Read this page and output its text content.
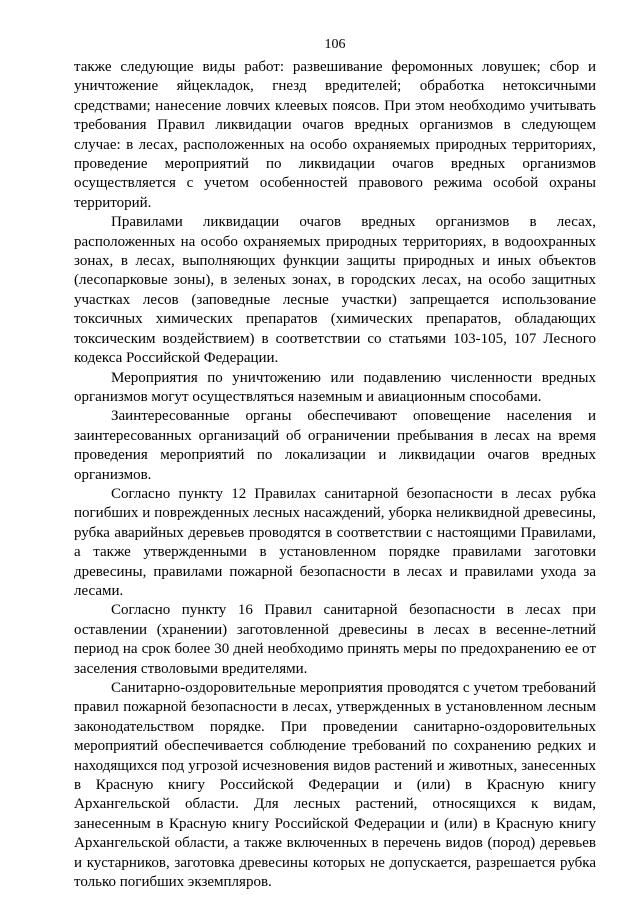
106

также следующие виды работ: развешивание феромонных ловушек; сбор и уничтожение яйцекладок, гнезд вредителей; обработка нетоксичными средствами; нанесение ловчих клеевых поясов. При этом необходимо учитывать требования Правил ликвидации очагов вредных организмов в следующем случае: в лесах, расположенных на особо охраняемых природных территориях, проведение мероприятий по ликвидации очагов вредных организмов осуществляется с учетом особенностей правового режима особой охраны территорий.

Правилами ликвидации очагов вредных организмов в лесах, расположенных на особо охраняемых природных территориях, в водоохранных зонах, в лесах, выполняющих функции защиты природных и иных объектов (лесопарковые зоны), в зеленых зонах, в городских лесах, на особо защитных участках лесов (заповедные лесные участки) запрещается использование токсичных химических препаратов (химических препаратов, обладающих токсическим воздействием) в соответствии со статьями 103-105, 107 Лесного кодекса Российской Федерации.

Мероприятия по уничтожению или подавлению численности вредных организмов могут осуществляться наземным и авиационным способами.

Заинтересованные органы обеспечивают оповещение населения и заинтересованных организаций об ограничении пребывания в лесах на время проведения мероприятий по локализации и ликвидации очагов вредных организмов.

Согласно пункту 12 Правилах санитарной безопасности в лесах рубка погибших и поврежденных лесных насаждений, уборка неликвидной древесины, рубка аварийных деревьев проводятся в соответствии с настоящими Правилами, а также утвержденными в установленном порядке правилами заготовки древесины, правилами пожарной безопасности в лесах и правилами ухода за лесами.

Согласно пункту 16 Правил санитарной безопасности в лесах при оставлении (хранении) заготовленной древесины в лесах в весенне-летний период на срок более 30 дней необходимо принять меры по предохранению ее от заселения стволовыми вредителями.

Санитарно-оздоровительные мероприятия проводятся с учетом требований правил пожарной безопасности в лесах, утвержденных в установленном лесным законодательством порядке. При проведении санитарно-оздоровительных мероприятий обеспечивается соблюдение требований по сохранению редких и находящихся под угрозой исчезновения видов растений и животных, занесенных в Красную книгу Российской Федерации и (или) в Красную книгу Архангельской области. Для лесных растений, относящихся к видам, занесенным в Красную книгу Российской Федерации и (или) в Красную книгу Архангельской области, а также включенных в перечень видов (пород) деревьев и кустарников, заготовка древесины которых не допускается, разрешается рубка только погибших экземпляров.
